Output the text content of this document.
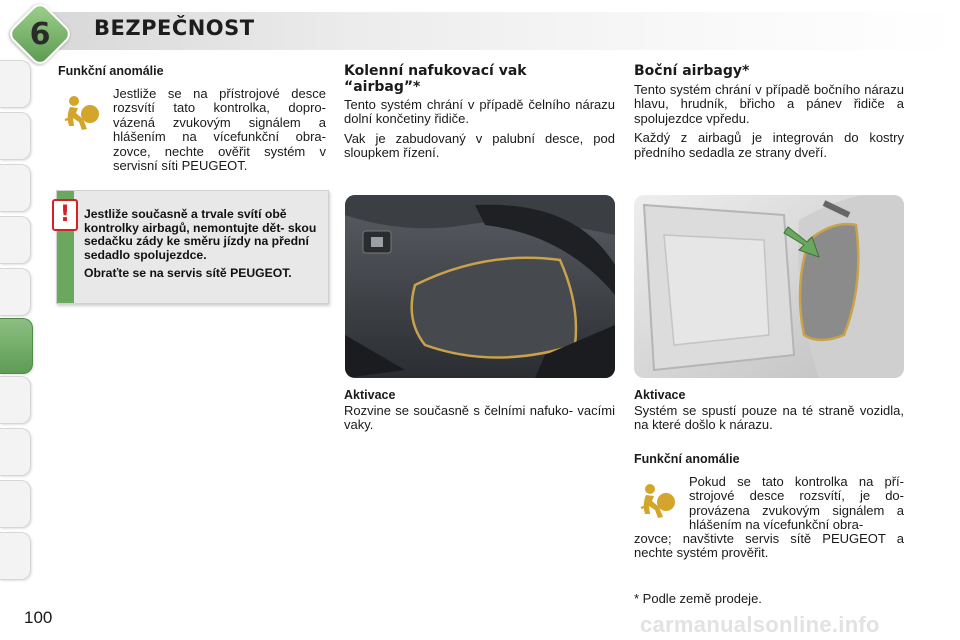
6	BEZPEČNOST
Funkční anomálie
Jestliže se na přístrojové desce rozsvítí tato kontrolka, dopro- vázená zvukovým signálem a hlášením na vícefunkční obra- zovce, nechte ověřit systém v servisní síti PEUGEOT.
!	Jestliže současně a trvale svítí obě kontrolky airbagů, nemontujte dět- skou sedačku zády ke směru jízdy na přední sedadlo spolujezdce.

Obraťte se na servis sítě PEUGEOT.

Kolenní nafukovací vak “airbag”*

Tento systém chrání v případě čelního nárazu dolní končetiny řidiče.

Vak je zabudovaný v palubní desce, pod sloupkem řízení.

Aktivace
Rozvine se současně s čelními nafuko- vacími vaky.
Boční airbagy*

Tento systém chrání v případě bočního nárazu hlavu, hrudník, břicho a pánev řidiče a spolujezdce vpředu.

Každý z airbagů je integrován do kostry předního sedadla ze strany dveří.

Aktivace
Systém se spustí pouze na té straně vozidla, na které došlo k nárazu.
Funkční anomálie
Pokud se tato kontrolka na pří- strojové desce rozsvítí, je do- provázena zvukovým signálem a hlášením na vícefunkční obra-
zovce; navštivte servis sítě PEUGEOT a nechte systém prověřit.
* Podle země prodeje.
100	carmanualsonline.info
